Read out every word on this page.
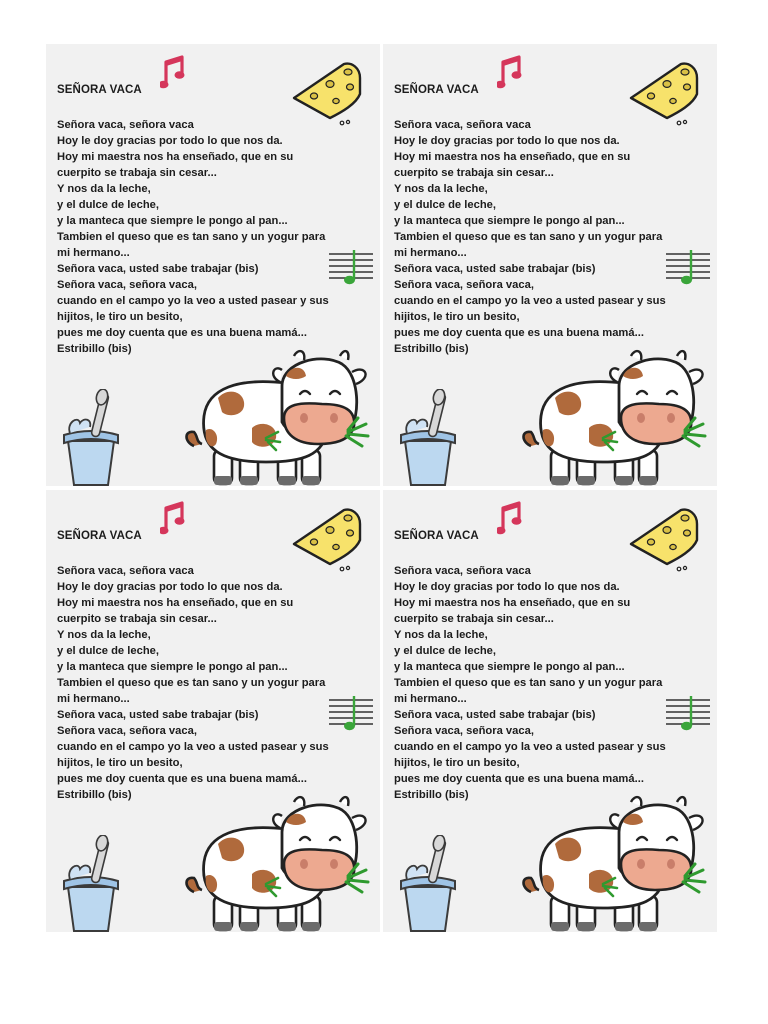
SEÑORA VACA
Señora vaca, señora vaca
Hoy le doy gracias por todo lo que nos da.
Hoy mi maestra nos ha enseñado, que en su
cuerpito se trabaja sin cesar...
Y nos da la leche,
y el dulce de leche,
y la manteca que siempre le pongo al pan...
Tambien el queso que es tan sano y un yogur para
mi hermano...
Señora vaca, usted sabe trabajar (bis)
Señora vaca, señora vaca,
cuando en el campo yo la veo a usted pasear y sus
hijitos, le tiro un besito,
pues me doy cuenta que es una buena mamá...
Estribillo (bis)
SEÑORA VACA
Señora vaca, señora vaca
Hoy le doy gracias por todo lo que nos da.
Hoy mi maestra nos ha enseñado, que en su
cuerpito se trabaja sin cesar...
Y nos da la leche,
y el dulce de leche,
y la manteca que siempre le pongo al pan...
Tambien el queso que es tan sano y un yogur para
mi hermano...
Señora vaca, usted sabe trabajar (bis)
Señora vaca, señora vaca,
cuando en el campo yo la veo a usted pasear y sus
hijitos, le tiro un besito,
pues me doy cuenta que es una buena mamá...
Estribillo (bis)
SEÑORA VACA
Señora vaca, señora vaca
Hoy le doy gracias por todo lo que nos da.
Hoy mi maestra nos ha enseñado, que en su
cuerpito se trabaja sin cesar...
Y nos da la leche,
y el dulce de leche,
y la manteca que siempre le pongo al pan...
Tambien el queso que es tan sano y un yogur para
mi hermano...
Señora vaca, usted sabe trabajar (bis)
Señora vaca, señora vaca,
cuando en el campo yo la veo a usted pasear y sus
hijitos, le tiro un besito,
pues me doy cuenta que es una buena mamá...
Estribillo (bis)
SEÑORA VACA
Señora vaca, señora vaca
Hoy le doy gracias por todo lo que nos da.
Hoy mi maestra nos ha enseñado, que en su
cuerpito se trabaja sin cesar...
Y nos da la leche,
y el dulce de leche,
y la manteca que siempre le pongo al pan...
Tambien el queso que es tan sano y un yogur para
mi hermano...
Señora vaca, usted sabe trabajar (bis)
Señora vaca, señora vaca,
cuando en el campo yo la veo a usted pasear y sus
hijitos, le tiro un besito,
pues me doy cuenta que es una buena mamá...
Estribillo (bis)
